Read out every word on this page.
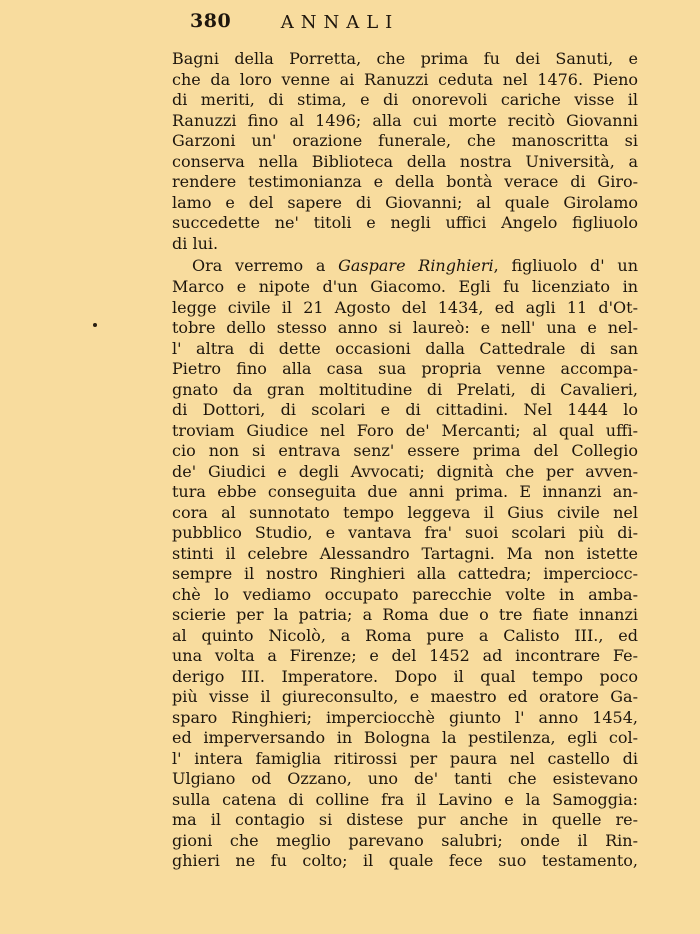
380	ANNALI
Bagni della Porretta, che prima fu dei Sanuti, e
che da loro venne ai Ranuzzi ceduta nel 1476. Pieno
di meriti, di stima, e di onorevoli cariche visse il
Ranuzzi fino al 1496; alla cui morte recitò Giovanni
Garzoni un' orazione funerale, che manoscritta si
conserva nella Biblioteca della nostra Università, a
rendere testimonianza e della bontà verace di Giro-
lamo e del sapere di Giovanni; al quale Girolamo
succedette ne' titoli e negli uffici Angelo figliuolo
di lui.
Ora verremo a Gaspare Ringhieri, figliuolo d' un
Marco e nipote d'un Giacomo. Egli fu licenziato in
legge civile il 21 Agosto del 1434, ed agli 11 d'Ot-
tobre dello stesso anno si laureò: e nell' una e nel-
l' altra di dette occasioni dalla Cattedrale di san
Pietro fino alla casa sua propria venne accompa-
gnato da gran moltitudine di Prelati, di Cavalieri,
di Dottori, di scolari e di cittadini. Nel 1444 lo
troviam Giudice nel Foro de' Mercanti; al qual uffi-
cio non si entrava senz' essere prima del Collegio
de' Giudici e degli Avvocati; dignità che per avven-
tura ebbe conseguita due anni prima. E innanzi an-
cora al sunnotato tempo leggeva il Gius civile nel
pubblico Studio, e vantava fra' suoi scolari più di-
stinti il celebre Alessandro Tartagni. Ma non istette
sempre il nostro Ringhieri alla cattedra; imperciocc-
chè lo vediamo occupato parecchie volte in amba-
scierie per la patria; a Roma due o tre fiate innanzi
al quinto Nicolò, a Roma pure a Calisto III., ed
una volta a Firenze; e del 1452 ad incontrare Fe-
derigo III. Imperatore. Dopo il qual tempo poco
più visse il giureconsulto, e maestro ed oratore Ga-
sparo Ringhieri; imperciocchè giunto l' anno 1454,
ed imperversando in Bologna la pestilenza, egli col-
l' intera famiglia ritirossi per paura nel castello di
Ulgiano od Ozzano, uno de' tanti che esistevano
sulla catena di colline fra il Lavino e la Samoggia:
ma il contagio si distese pur anche in quelle re-
gioni che meglio parevano salubri; onde il Rin-
ghieri ne fu colto; il quale fece suo testamento,
